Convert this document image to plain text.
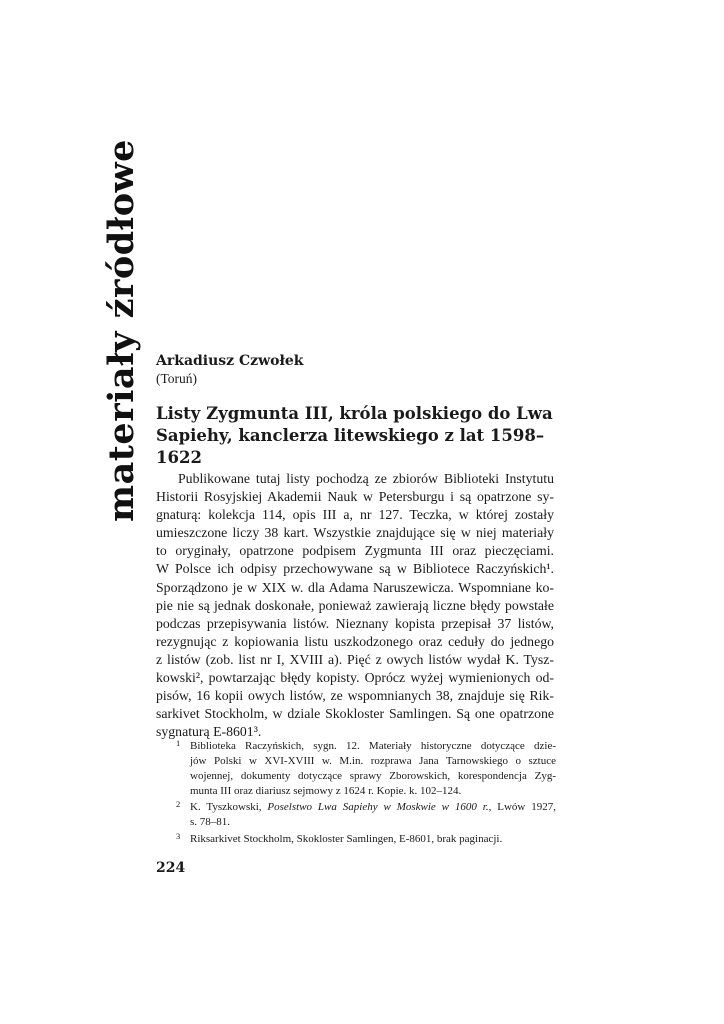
materiały źródłowe Arkadiusz Czwołek
(Toruń)
Listy Zygmunta III, króla polskiego do Lwa
Sapiehy, kanclerza litewskiego z lat 1598–1622
Publikowane tutaj listy pochodzą ze zbiorów Biblioteki Instytutu
Historii Rosyjskiej Akademii Nauk w Petersburgu i są opatrzone sy-
gnaturą: kolekcja 114, opis III a, nr 127. Teczka, w której zostały
umieszczone liczy 38 kart. Wszystkie znajdujące się w niej materiały
to oryginały, opatrzone podpisem Zygmunta III oraz pieczęciami.
W Polsce ich odpisy przechowywane są w Bibliotece Raczyńskich¹.
Sporządzono je w XIX w. dla Adama Naruszewicza. Wspomniane ko-
pie nie są jednak doskonałe, ponieważ zawierają liczne błędy powstałe
podczas przepisywania listów. Nieznany kopista przepisał 37 listów,
rezygnując z kopiowania listu uszkodzonego oraz ceduły do jednego
z listów (zob. list nr I, XVIII a). Pięć z owych listów wydał K. Tysz-
kowski², powtarzając błędy kopisty. Oprócz wyżej wymienionych od-
pisów, 16 kopii owych listów, ze wspomnianych 38, znajduje się Rik-
sarkivet Stockholm, w dziale Skokloster Samlingen. Są one opatrzone
sygnaturą E-8601³.
1 Biblioteka Raczyńskich, sygn. 12. Materiały historyczne dotyczące dzie-
jów Polski w XVI-XVIII w. M.in. rozprawa Jana Tarnowskiego o sztuce
wojennej, dokumenty dotyczące sprawy Zborowskich, korespondencja Zyg-
munta III oraz diariusz sejmowy z 1624 r. Kopie. k. 102–124.
2 K. Tyszkowski, Poselstwo Lwa Sapiehy w Moskwie w 1600 r., Lwów 1927,
s. 78–81.
3 Riksarkivet Stockholm, Skokloster Samlingen, E-8601, brak paginacji.
224
